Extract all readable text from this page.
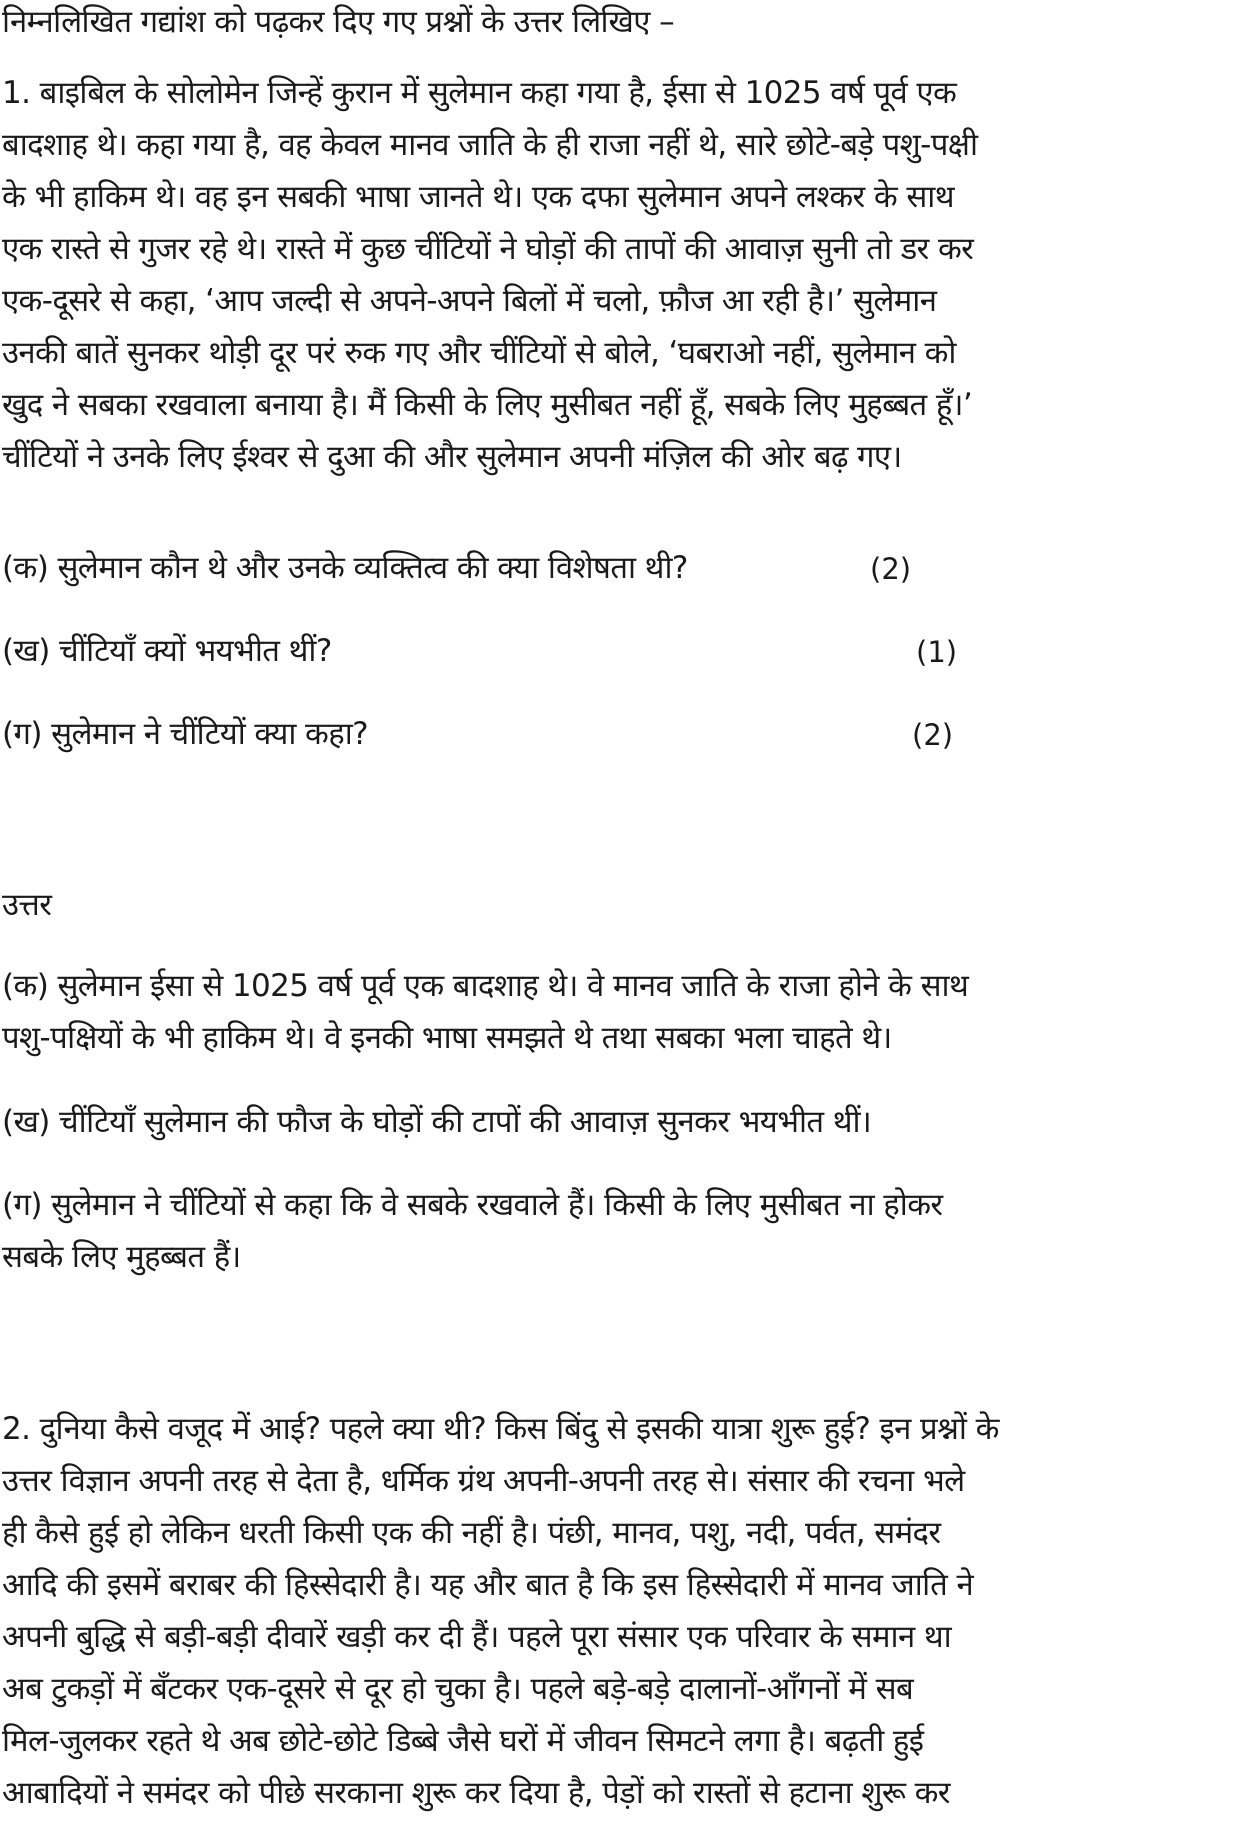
निम्नलिखित गद्यांश को पढ़कर दिए गए प्रश्नों के उत्तर लिखिए –
1. बाइबिल के सोलोमेन जिन्हें कुरान में सुलेमान कहा गया है, ईसा से 1025 वर्ष पूर्व एक
बादशाह थे। कहा गया है, वह केवल मानव जाति के ही राजा नहीं थे, सारे छोटे-बड़े पशु-पक्षी
के भी हाकिम थे। वह इन सबकी भाषा जानते थे। एक दफा सुलेमान अपने लश्कर के साथ
एक रास्ते से गुजर रहे थे। रास्ते में कुछ चींटियों ने घोड़ों की तापों की आवाज़ सुनी तो डर कर
एक-दूसरे से कहा, ‘आप जल्दी से अपने-अपने बिलों में चलो, फ़ौज आ रही है।’ सुलेमान
उनकी बातें सुनकर थोड़ी दूर परं रुक गए और चींटियों से बोले, ‘घबराओ नहीं, सुलेमान को
खुद ने सबका रखवाला बनाया है। मैं किसी के लिए मुसीबत नहीं हूँ, सबके लिए मुहब्बत हूँ।’
चींटियों ने उनके लिए ईश्वर से दुआ की और सुलेमान अपनी मंज़िल की ओर बढ़ गए।
(क) सुलेमान कौन थे और उनके व्यक्तित्व की क्या विशेषता थी?	(2)
(ख) चींटियाँ क्यों भयभीत थीं?	(1)
(ग) सुलेमान ने चींटियों क्या कहा?	(2)
उत्तर
(क) सुलेमान ईसा से 1025 वर्ष पूर्व एक बादशाह थे। वे मानव जाति के राजा होने के साथ
पशु-पक्षियों के भी हाकिम थे। वे इनकी भाषा समझते थे तथा सबका भला चाहते थे।
(ख) चींटियाँ सुलेमान की फौज के घोड़ों की टापों की आवाज़ सुनकर भयभीत थीं।
(ग) सुलेमान ने चींटियों से कहा कि वे सबके रखवाले हैं। किसी के लिए मुसीबत ना होकर
सबके लिए मुहब्बत हैं।
2. दुनिया कैसे वजूद में आई? पहले क्या थी? किस बिंदु से इसकी यात्रा शुरू हुई? इन प्रश्नों के
उत्तर विज्ञान अपनी तरह से देता है, धर्मिक ग्रंथ अपनी-अपनी तरह से। संसार की रचना भले
ही कैसे हुई हो लेकिन धरती किसी एक की नहीं है। पंछी, मानव, पशु, नदी, पर्वत, समंदर
आदि की इसमें बराबर की हिस्सेदारी है। यह और बात है कि इस हिस्सेदारी में मानव जाति ने
अपनी बुद्धि से बड़ी-बड़ी दीवारें खड़ी कर दी हैं। पहले पूरा संसार एक परिवार के समान था
अब टुकड़ों में बँटकर एक-दूसरे से दूर हो चुका है। पहले बड़े-बड़े दालानों-आँगनों में सब
मिल-जुलकर रहते थे अब छोटे-छोटे डिब्बे जैसे घरों में जीवन सिमटने लगा है। बढ़ती हुई
आबादियों ने समंदर को पीछे सरकाना शुरू कर दिया है, पेड़ों को रास्तों से हटाना शुरू कर
